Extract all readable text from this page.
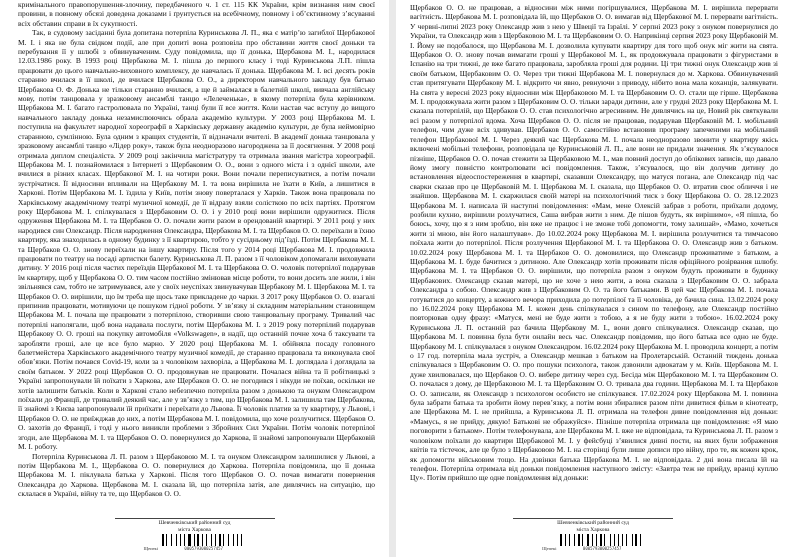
кримінального правопорушення-злочину, передбаченого ч. 1 ст. 115 КК України, крім визнання ним своєї провини, в повному обсязі доведена доказами і ґрунтується на всебічному, повному і об’єктивному з’ясуванні всіх обставин справи в їх сукупності.

Так, в судовому засіданні була допитана потерпіла Куринськова Л. П., яка є матір’ю загиблої Щербакової М. І. і яка не була свідком події, але при допиті вона розповіла про обставини життя своєї доньки та перебування її у шлюбі з обвинуваченим. Суду повідомила, що її донька, Щербакова М. І., народилася 12.03.1986 року. В 1993 році Щербакова М. І. пішла до першого класу і тоді Куринськова Л.П. пішла працювати до цього навчально-виховного комплексу, де навчалась її донька. Щербакова М. І. всі десять років старанно вчилася в її школі, де вчилася Щербакова О. О., а директором навчального закладу був батько Щербакова О. Ф. Донька не тільки старанно вчилася, а ще й займалася в балетній школі, вивчала англійську мову, потім танцювала у зразковому ансамблі танцю «Лелеченька», в якому потерпіла була керівником. Щербакова М. І. багато гастролювала по Україні, танці були її все життя. Коли настав час вступу до вищого навчального закладу донька незамислюючись обрала академію культури. У 2003 році Щербакова М. І. поступила на факультет народної хореографії в Харківську державну академію культури, де була неймовірно старанною, сумлінною. Була одним з кращих студентів, її відзначали вчителі. В академії донька танцювала у зразковому ансамблі танцю «Лідер року», також була неодноразово нагороджена за її досягнення. У 2008 році отримала диплом спеціаліста. У 2009 році закінчила магістратуру та отримала звання магістра хореографії. Щербакова М. І. познайомилася з Інтернеті з Щербаковим О. О., вони з одного міста і з однієї школи, але вчилися в різних класах. Щербакової М. І. на чотири роки. Вони почали переписуватися, а потім почали зустрічатися. Її відносини впливали на Щербакову М. І. та вона вирішила не їхати в Київ, а лишитися в Харкові. Потім Щербакова М. І. їздила у Київ, потім знову поверталася у Харків. Також вона працювала по Харківському академічному театрі музичної комедії, де її відразу взяли солісткою по всіх партіях. Протягом року Щербакова М. І. спілкувалася з Щербаковим О. О. і у 2010 році вони вирішили одружитися. Після одруження Щербакова М. І. та Щербаков О. О. почали жити разом в орендованій квартирі. У 2011 році у них народився син Олександр. Після народження Олександра, Щербакова М. І. та Щербаков О. О. переїхали в їхню квартиру, яка знаходилась в одному будинку з її квартирою, тобто у сусідньому під’їзді. Потім Щербакова М. І. та Щербаков О. О. знову переїхали на іншу квартиру. Після того у 2014 році Щербакова М. І. продовжила працювати по театру на посаді артистки балету. Куринськова Л. П. разом з її чоловіком допомагали виховувати дитину. У 2016 році після частих переїздів Щербакової М. І. та Щербакова О. О. чоловік потерпілої подарував їм квартиру, щоб у Щербакова О. О. тим часом постійно змінював місце роботи, то вони досить зле жили, і він звільнявся сам, тобто не затримувався, але у своїх неуспіхах звинувачував Щербакову М. І. Щербакова М. І. та Щербаков О. О. вирішили, що їм треба ще щось таке прикладене до чарки. З 2017 року Щербаков О. О. взагалі припинив працювати, мотивуючи це пошуком гідної роботи. У зв’язку зі складним матеріальним становищем Щербакова М. І. почала ще працювати з потерпілою, створивши свою танцювальну програму. Тривалий час потерпілі наполягали, щоб вона надавала послуги, потім Щербакова М. І. з 2019 року потерпілий подарував Щербакову О. О. гроші на покупку автомобіля «Volkswagen», в надії, що останній почне хоча б таксувати та заробляти гроші, але це все було марно. У 2020 році Щербакова М. І. обійняла посаду головного балетмейстера Харківського академічного театру музичної комедії, де старанно працювала та виконувала свої обов’язки. Потім почався Covid-19, коли за з чоловіком захворіла, а Щербакова М. І. доглядала і доглядала за своїм батьком. У 2022 році Щербаков О. О. продовжував не працювати. Почалася війна та її робітницькі з Україні запропонували їй поїхати з Харкова, але Щербаков О. О. не погодився і нікуди не поїхав, оскільки не хотів залишити батьків. Коли в Харкові стало небезпечно потерпіла разом з донькою та онуком Олександром поїхали до Франції, де тривалий деякий час, але у зв’язку з тим, що Щербакова М. І. залишила там Щербакова, її знайомі з Києва запропонували їй приїхати і переїхати до Львова. Її чоловік платив за ту квартиру, у Львові, і Щербаков О. О. не приїжджав до них, а потім Щербакова М. І. повідомила, що хоче розлучитися. Щербаков О. О. захотів до Франції, і тоді у нього виникли проблеми з Збройних Сил України. Потім чоловік потерпілої згоди, але Щербакова М. І. та Щербаков О. О. повернулися до Харкова, її знайомі запропонували Щербаковій М. І. роботу.

Потерпіла Куринськова Л. П. разом з Щербаковою М. І. та онуком Олександром залишилися у Львові, а потім Щербакова М. І., Щербакова О. О. повернулися до Харкова. Потерпіла повідомила, що її донька Щербакова М. І. піклувала батька у Харкові. Після того Щербаков О. О. почав вимагати повернення Олександра до Харкова. Щербакова М. І. сказала їй, що потерпіла затія, але дивлячись на ситуацію, що склалася в Україні, війну та те, що Щербаков О. О.

Шевченківський районний суд
міста Харкова
Щепекі	0005793000257457

Щербаков О. О. не працював, а відносини між ними погіршувалися, Щербакова М. І. вирішила перервати вагітність. Щербакова М. І. розповідала їй, що Щербаков О. О. вимагав від Щербакової М. І. перервати вагітність. У червні-липні 2023 року Олександр жив з нею у Швеції та Ізраїлі. У серпні 2023 року з онуком повернулися до України, та Олександр жив з Щербаковою М. І. та Щербаковим О. О. Наприкінці серпня 2023 року Щербаковій М. І. Йому не подобалося, що Щербакова М. І. дозволила купувати квартиру для того щоб онук міг жити на свята. Щербаков О. О. знову почав вимагати гроші у Щербакової М. І., як продовжувала працювати з фігуристами в Іспанію на три тижні, де вже багато працювала, заробляла гроші для родини. Ці три тижні онук Олександр жив зі своїм батьком, Щербаковим О. О. Через три тижні Щербакова М. І. повернулася до м. Харкова. Обвинувачений став притягувати Щербакову М. І. відкрито чи явно, ревнуючи з приводу, нібито вона мала коханців, залякувати. На свята у вересні 2023 року відносини між Щербаковою М. І. та Щербаковим О. О. стали ще гірше. Щербакова М. І. продовжувала жити разом з Щербаковим О. О. тільки заради дитини, але у грудні 2023 року Щербакова М. І. сказала потерпілій, що Щербаков О. О. став психологічно агресивним. Не дивлячись на це, Новий рік святкували всі разом у потерпілої вдома. Хоча Щербаков О. О. після не працював, подарував Щербаковій М. І. мобільний телефон, чим дуже всіх здивував. Щербаков О. О. самостійно встановив програму запеченими на мобільний телефон Щербакової М. І. Через деякий час Щербакова М. І. почала неодноразово звонити у квартиру якісь включені мобільні телефони, розповідала це Куринськовій Л. П., але вони не придали значення. Як з’ясувалося пізніше, Щербаков О. О. почав стежити за Щербаковою М. І., мав повний доступ до облікових записів, що давало йому змогу повністю контролювати всі повідомлення. Також, з’ясувалося, що він долучив дитину до встановлення відеоспостереження в квартирі, сказавши Олександру, що матуся погана, але Олександр під час сварки сказав про це Щербаковій М. І. Щербакова М. І. сказала, що Щербаков О. О. втратив своє обличчя і не знайшов. Щербакова М. І. скаржилася своїй матері на психологічний тиск з боку Щербакова О. О. 28.12.2023 Щербакова М. І. написала їй наступні повідомлення: «Мам, мене Олексій забрав з роботи, приїхали додому, розбили кухню, вирішили розлучатися, Саша вибрав жити з ним. Де пішов будуть, як вирішимо», «Я пішла, бо боюсь, хочу, що я з ним зроблю, він вже не працює і не зможе тобі допомогти, тому залишай», «Мамо, хочеться жити зі мною, він його налаштував». До 10.02.2024 року Щербакова М. І. вирішила розлучитися та тимчасово поїхала жити до потерпілої. Після розлучення Щербакової М. І. та Щербакова О. О. Олександр жив з батьком. 10.02.2024 року Щербакова М. І. та Щербаков О. О. домовилися, що Олександр проживатиме з батьком, а Щербакова М. І. буде бачитися з дитиною. Але Олександр хотів проживати після офіційного розірвання шлюбу. Щербакова М. І. та Щербаков О. О. вирішили, що потерпіла разом з онуком будуть проживати в будинку Щербакових. Олександр сказав матері, що не хоче з нею жити, а вона сказала з Щербаковим О. О. забрала Олександра з собою. Олександр жив з Щербаковим О. О. та його батьками. В цей час Щербакова М. І. почала готуватися до концерту, а кожного вечора приходила до потерпілої та її чоловіка, де бачила сина. 13.02.2024 року по 16.02.2024 року Щербакова М. І. кожен день спілкувалася з сином по телефону, але Олександр постійно повторював одну фразу: «Матуся, мені не буде жити з тобою, а я не буду жити з тобою». 16.02.2024 року Куринськова Л. П. останній раз бачила Щербакову М. І., вони довго спілкувалися. Олександр сказав, що Щербакова М. І. повинна була бути онлайн весь час. Олександр повідомив, що його батька все одно не буде. Щербакову М. І. спілкувалася з онуком Олександром. 16.02.2024 року Щербакова М. І. проводила концерт, а потім о 17 год. потерпіла мала зустріч, а Олександр мешкав з батьком на Пролетарській. Останній тиждень донька спілкувалася з Щербаковим О. О. про пошуки психолога, також дзвонили адвокатам у м. Київ. Щербакова М. І. дуже хвилювалася, що Щербаков О. О. вибере дитину через суд. Бесіда між Щербаковою М. І. та Щербаковим О. О. почалася з дому, де Щербаковою М. І. та Щербаковим О. О. тривала два години. Щербакова М. І. та Щербаков О. О. записали, як Олександр з психологом особисто не спілкувався. 17.02.2024 року Щербакова М. І. повинна була забрати батька та зробити йому перев’язку, а потім вони збиралися разом піти дивитися фільм в кінотеатр, але Щербакова М. І. не прийшла, а Куринськова Л. П. отримала на телефон дивне повідомлення від доньки: «Мамусь, я не прийду, дякую! Батькові не ображуйся». Пізніше потерпіла отримала ще повідомлення: «Я маю поговорити з батьком». Потім телефонувала, але Щербакова М. І. вже не відповідала, та Куринськова Л. П. разом з чоловіком поїхали до квартири Щербакової М. І. у фейсбуці з’явилися дивні пости, на яких були зображення квітів та тістечок, але це було з Щербаковою М. І. на сторінці були лише дописи про війну, про те, як кожен крок, як допомогти військовим тощо. На дзвінки батька Щербакова М. І. не відповідала. 2 дні вона писала їй на телефон. Потерпіла отримала від доньки повідомлення наступного змісту: «Завтра теж не прийду, вранці куплю Цу». Потім прийшло ще одне повідомлення від доньки:

Шевченківський районний суд
міста Харкова
Щепекі	0005793000257457
